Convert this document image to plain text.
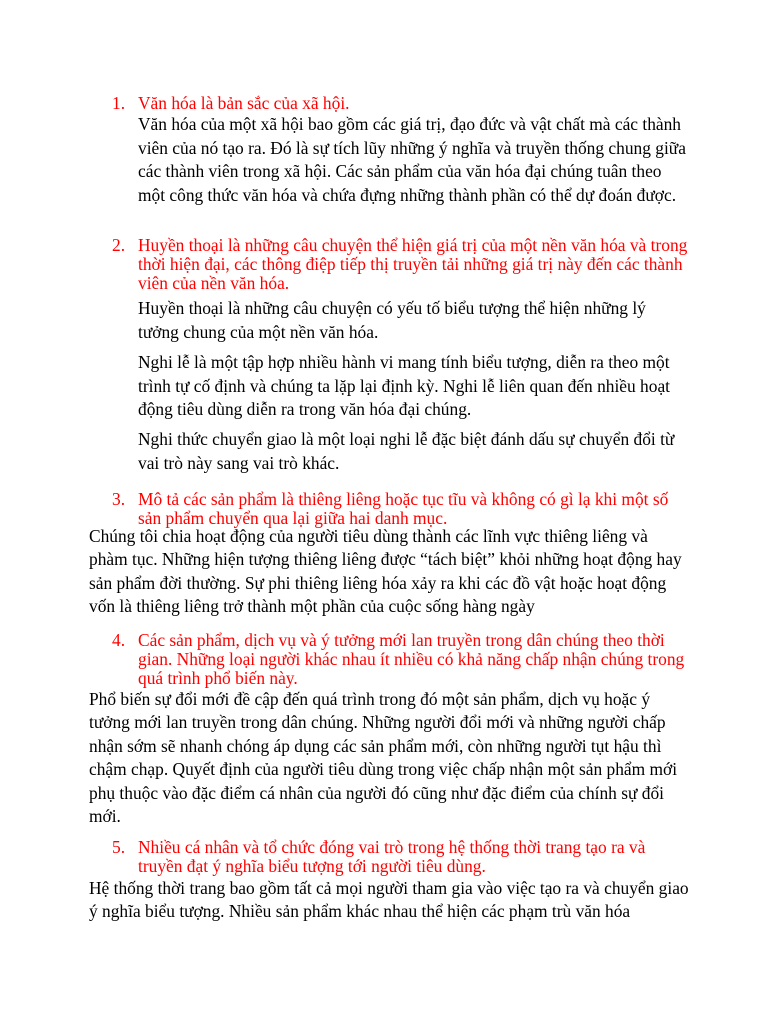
1. Văn hóa là bản sắc của xã hội.

Văn hóa của một xã hội bao gồm các giá trị, đạo đức và vật chất mà các thành viên của nó tạo ra. Đó là sự tích lũy những ý nghĩa và truyền thống chung giữa các thành viên trong xã hội. Các sản phẩm của văn hóa đại chúng tuân theo một công thức văn hóa và chứa đựng những thành phần có thể dự đoán được.

2. Huyền thoại là những câu chuyện thể hiện giá trị của một nền văn hóa và trong thời hiện đại, các thông điệp tiếp thị truyền tải những giá trị này đến các thành viên của nền văn hóa.

Huyền thoại là những câu chuyện có yếu tố biểu tượng thể hiện những lý tưởng chung của một nền văn hóa.

Nghi lễ là một tập hợp nhiều hành vi mang tính biểu tượng, diễn ra theo một trình tự cố định và chúng ta lặp lại định kỳ. Nghi lễ liên quan đến nhiều hoạt động tiêu dùng diễn ra trong văn hóa đại chúng.

Nghi thức chuyển giao là một loại nghi lễ đặc biệt đánh dấu sự chuyển đổi từ vai trò này sang vai trò khác.

3. Mô tả các sản phẩm là thiêng liêng hoặc tục tĩu và không có gì lạ khi một số sản phẩm chuyển qua lại giữa hai danh mục.

Chúng tôi chia hoạt động của người tiêu dùng thành các lĩnh vực thiêng liêng và phàm tục. Những hiện tượng thiêng liêng được “tách biệt” khỏi những hoạt động hay sản phẩm đời thường. Sự phi thiêng liêng hóa xảy ra khi các đồ vật hoặc hoạt động vốn là thiêng liêng trở thành một phần của cuộc sống hàng ngày

4. Các sản phẩm, dịch vụ và ý tưởng mới lan truyền trong dân chúng theo thời gian. Những loại người khác nhau ít nhiều có khả năng chấp nhận chúng trong quá trình phổ biến này.

Phổ biến sự đổi mới đề cập đến quá trình trong đó một sản phẩm, dịch vụ hoặc ý tưởng mới lan truyền trong dân chúng. Những người đổi mới và những người chấp nhận sớm sẽ nhanh chóng áp dụng các sản phẩm mới, còn những người tụt hậu thì chậm chạp. Quyết định của người tiêu dùng trong việc chấp nhận một sản phẩm mới phụ thuộc vào đặc điểm cá nhân của người đó cũng như đặc điểm của chính sự đổi mới.

5. Nhiều cá nhân và tổ chức đóng vai trò trong hệ thống thời trang tạo ra và truyền đạt ý nghĩa biểu tượng tới người tiêu dùng.

Hệ thống thời trang bao gồm tất cả mọi người tham gia vào việc tạo ra và chuyển giao ý nghĩa biểu tượng. Nhiều sản phẩm khác nhau thể hiện các phạm trù văn hóa
